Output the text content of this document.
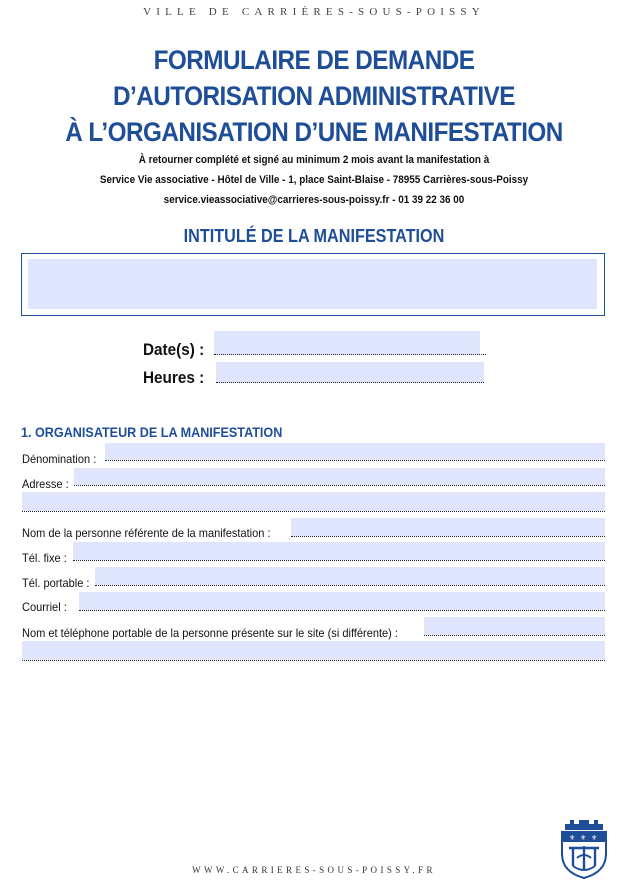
VILLE DE CARRIÈRES-SOUS-POISSY
FORMULAIRE DE DEMANDE
D’AUTORISATION ADMINISTRATIVE
À L’ORGANISATION D’UNE MANIFESTATION
À retourner complété et signé au minimum 2 mois avant la manifestation à
Service Vie associative - Hôtel de Ville - 1, place Saint-Blaise - 78955 Carrières-sous-Poissy
service.vieassociative@carrieres-sous-poissy.fr - 01 39 22 36 00
INTITULÉ DE LA MANIFESTATION
Date(s) :
Heures :
1. ORGANISATEUR DE LA MANIFESTATION
Dénomination :
Adresse :
Nom de la personne référente de la manifestation :
Tél. fixe :
Tél. portable :
Courriel :
Nom et téléphone portable de la personne présente sur le site (si différente) :
⚜ ⚜ ⚜
WWW.CARRIERES-SOUS-POISSY.FR
